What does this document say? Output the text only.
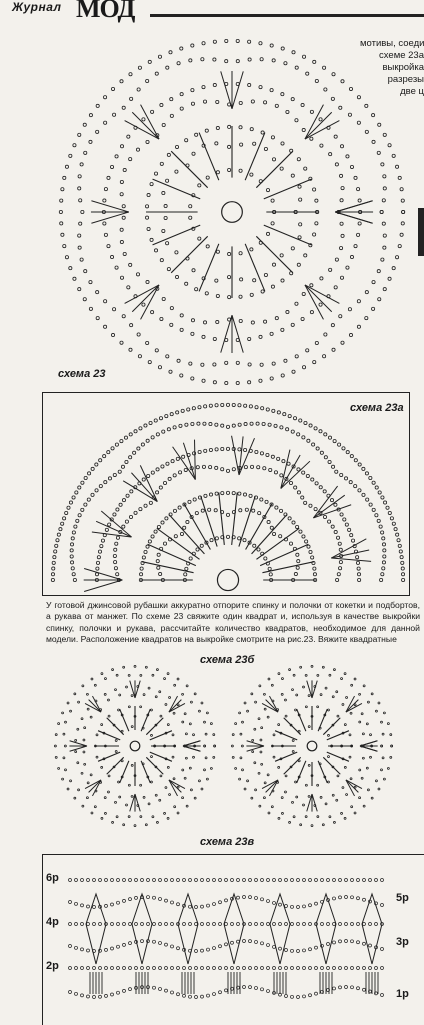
Журнал МОД
мотивы, соеди
схеме 23а
выкройка
разрезы
две ц
схема 23
схема 23а
У готовой джинсовой рубашки аккуратно отпорите спинку и полочки от кокетки и подбортов, а рукава от манжет. По схеме 23 свяжите один квадрат и, используя в качестве выкройки спинку, полочки и рукава, рассчитайте количество квадратов, необходимое для данной модели. Расположение квадратов на выкройке смотрите на рис.23. Вяжите квадратные
схема 23б
схема 23в
6р
4р
2р
5р
3р
1р
